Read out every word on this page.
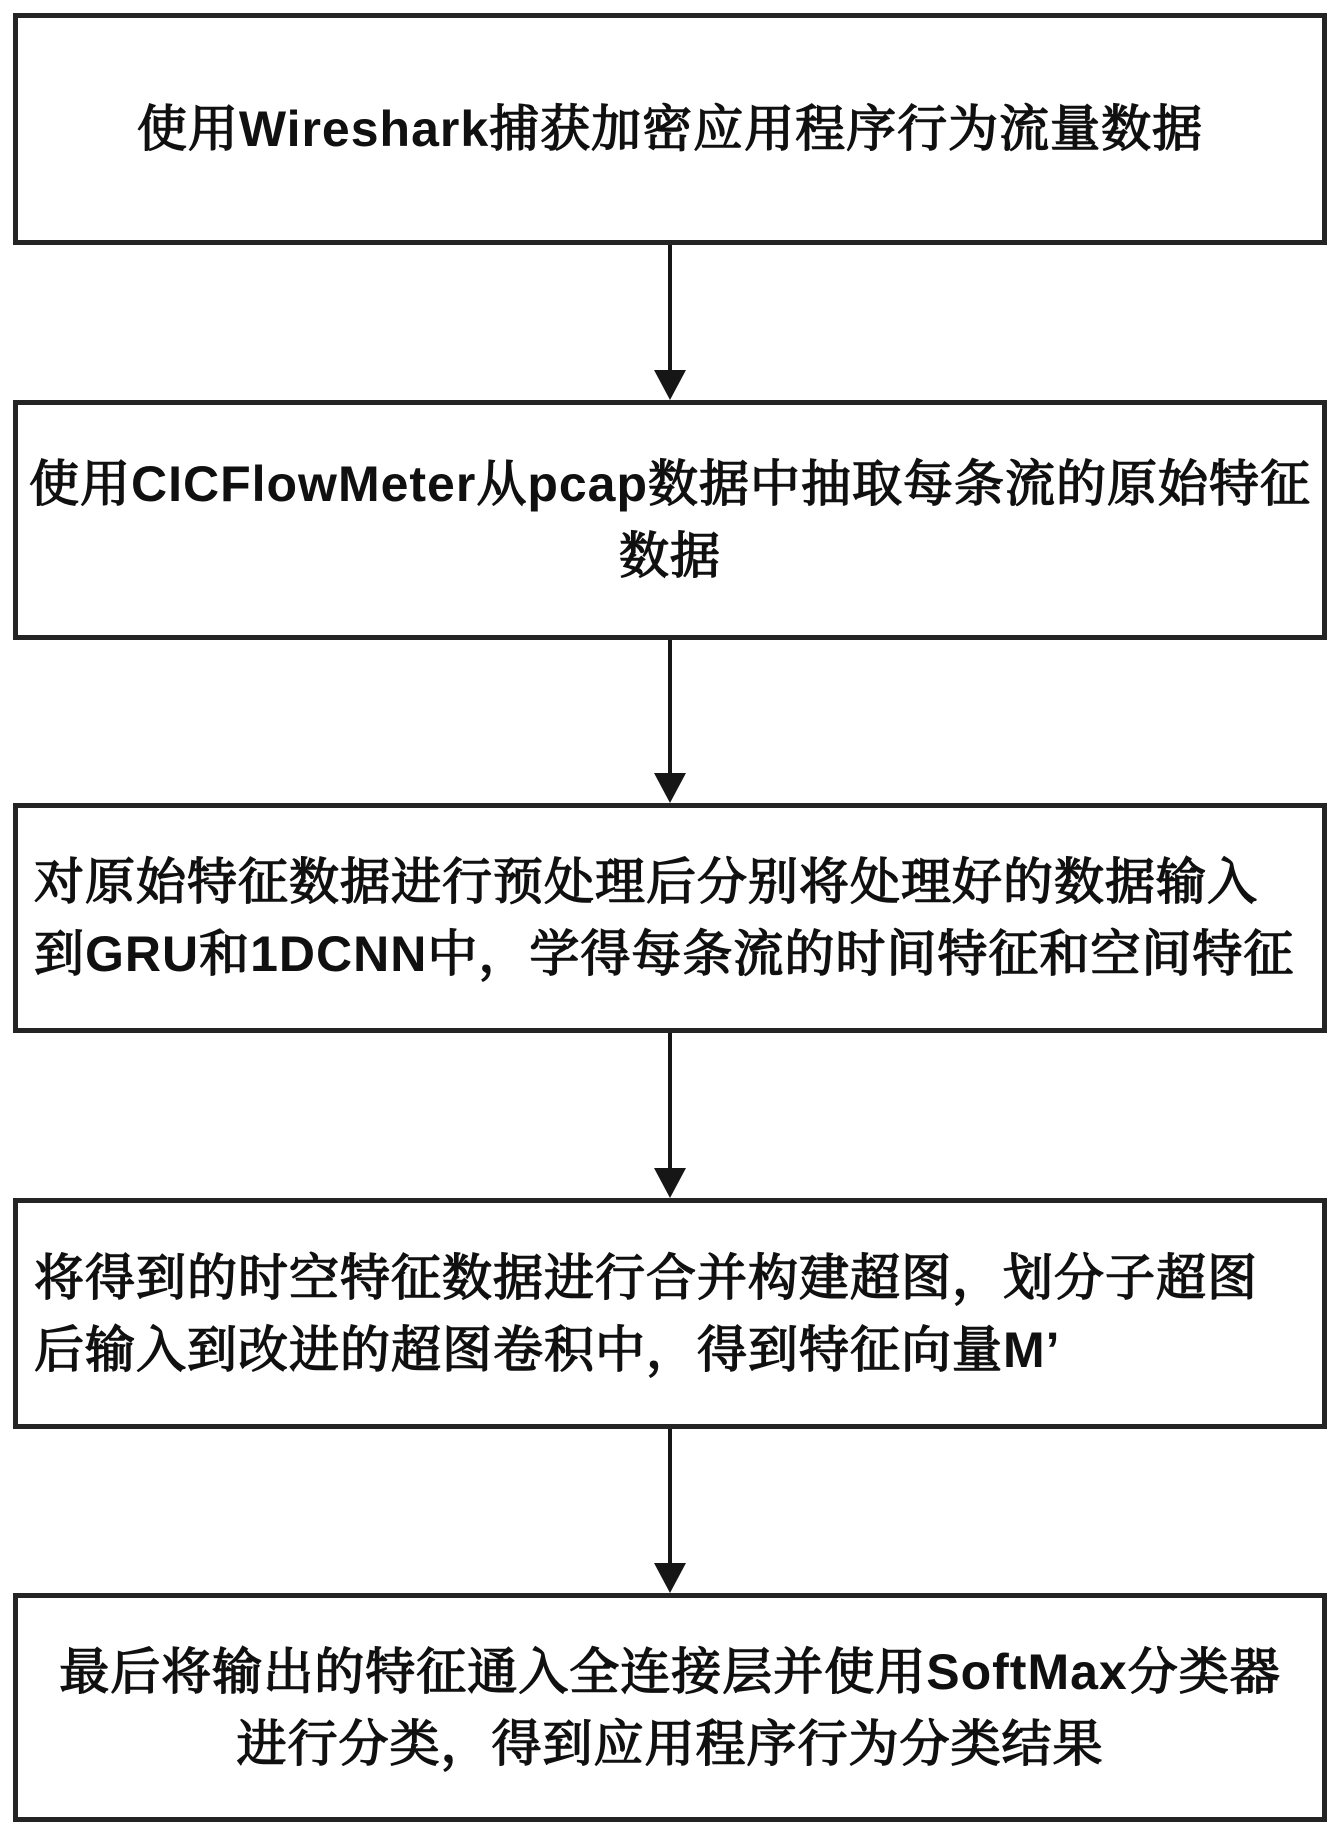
使用Wireshark捕获加密应用程序行为流量数据
使用CICFlowMeter从pcap数据中抽取每条流的原始特征
数据
对原始特征数据进行预处理后分别将处理好的数据输入
到GRU和1DCNN中，学得每条流的时间特征和空间特征
将得到的时空特征数据进行合并构建超图，划分子超图
后输入到改进的超图卷积中，得到特征向量M’
最后将输出的特征通入全连接层并使用SoftMax分类器
进行分类，得到应用程序行为分类结果
